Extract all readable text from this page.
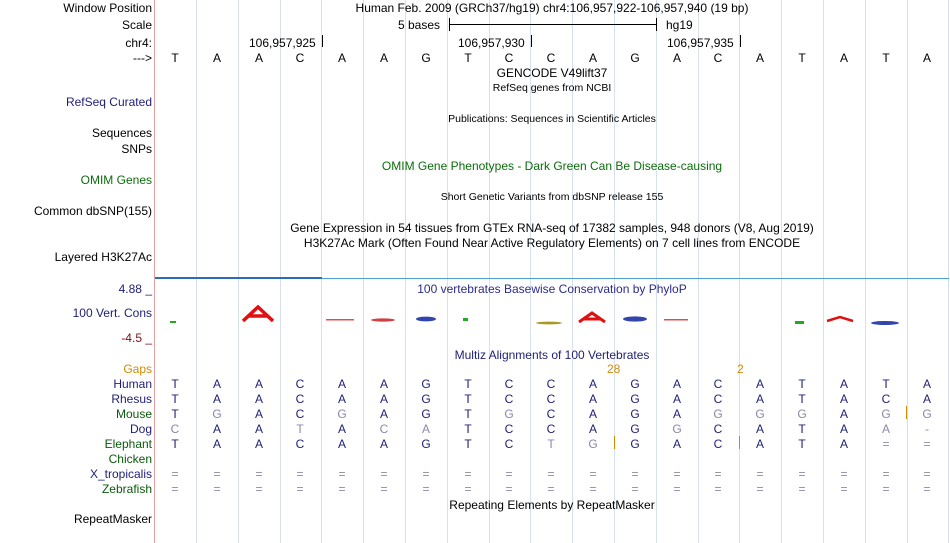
Window Position	Human Feb. 2009 (GRCh37/hg19) chr4:106,957,922-106,957,940 (19 bp)
Scale	5 bases	hg19
chr4:	106,957,925	106,957,930	106,957,935
--->	T	A	A	C	A	A	G	T	C	C	A	G	A	C	A	T	A	T	A
GENCODE V49lift37
RefSeq genes from NCBI
RefSeq Curated
Publications: Sequences in Scientific Articles
Sequences
SNPs
OMIM Gene Phenotypes - Dark Green Can Be Disease-causing
OMIM Genes
Short Genetic Variants from dbSNP release 155
Common dbSNP(155)
Gene Expression in 54 tissues from GTEx RNA-seq of 17382 samples, 948 donors (V8, Aug 2019)
H3K27Ac Mark (Often Found Near Active Regulatory Elements) on 7 cell lines from ENCODE
Layered H3K27Ac
4.88 _	100 vertebrates Basewise Conservation by PhyloP
100 Vert. Cons
-4.5 _
Multiz Alignments of 100 Vertebrates
Gaps	28	2
Human	T	A	A	C	A	A	G	T	C	C	A	G	A	C	A	T	A	T	A
Rhesus	T	A	A	C	A	A	G	T	C	C	A	G	A	C	A	T	A	C	A
Mouse	T	G	A	C	G	A	G	T	G	C	A	G	A	G	G	G	A	G	G
Dog	C	A	A	T	A	C	A	T	C	C	A	G	G	C	A	T	A	A	-
Elephant	T	A	A	C	A	A	G	T	C	T	G	G	A	C	A	T	A	=	=
Chicken
X_tropicalis	=	=	=	=	=	=	=	=	=	=	=	=	=	=	=	=	=	=	=
Zebrafish	=	=	=	=	=	=	=	=	=	=	=	=	=	=	=	=	=	=	=
Repeating Elements by RepeatMasker
RepeatMasker
